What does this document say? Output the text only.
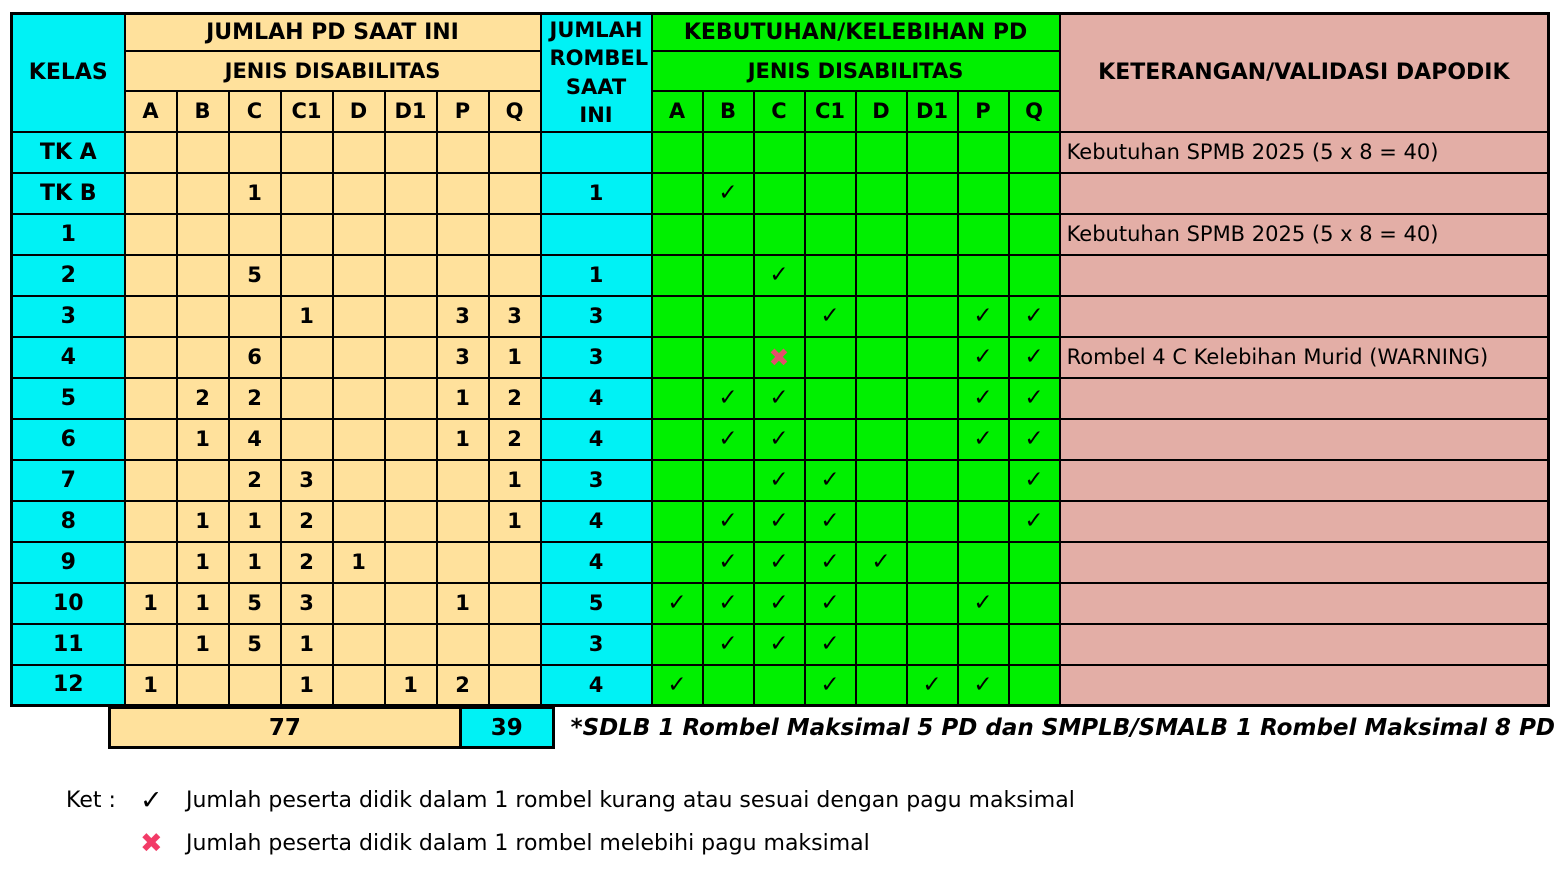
KELAS	JUMLAH PD SAAT INI								JUMLAH ROMBEL SAAT INI	KEBUTUHAN/KELEBIHAN PD								KETERANGAN/VALIDASI DAPODIK
	JENIS DISABILITAS									JENIS DISABILITAS								
	A	B	C	C1	D	D1	P	Q		A	B	C	C1	D	D1	P	Q	
TK A																		Kebutuhan SPMB 2025 (5 x 8 = 40)
TK B			1						1		✓							
1																		Kebutuhan SPMB 2025 (5 x 8 = 40)
2			5						1			✓						
3				1			3	3	3				✓			✓	✓	
4			6				3	1	3			✖				✓	✓	Rombel 4 C Kelebihan Murid (WARNING)
5		2	2				1	2	4		✓	✓				✓	✓	
6		1	4				1	2	4		✓	✓				✓	✓	
7			2	3				1	3			✓	✓				✓	
8		1	1	2				1	4		✓	✓	✓				✓	
9		1	1	2	1				4		✓	✓	✓	✓				
10	1	1	5	3			1		5	✓	✓	✓	✓			✓		
11		1	5	1					3		✓	✓	✓					
12	1			1		1	2		4	✓			✓		✓	✓		
77	39	*SDLB 1 Rombel Maksimal 5 PD dan SMPLB/SMALB 1 Rombel Maksimal 8 PD
Ket : ✓	Jumlah peserta didik dalam 1 rombel kurang atau sesuai dengan pagu maksimal
✖	Jumlah peserta didik dalam 1 rombel melebihi pagu maksimal
